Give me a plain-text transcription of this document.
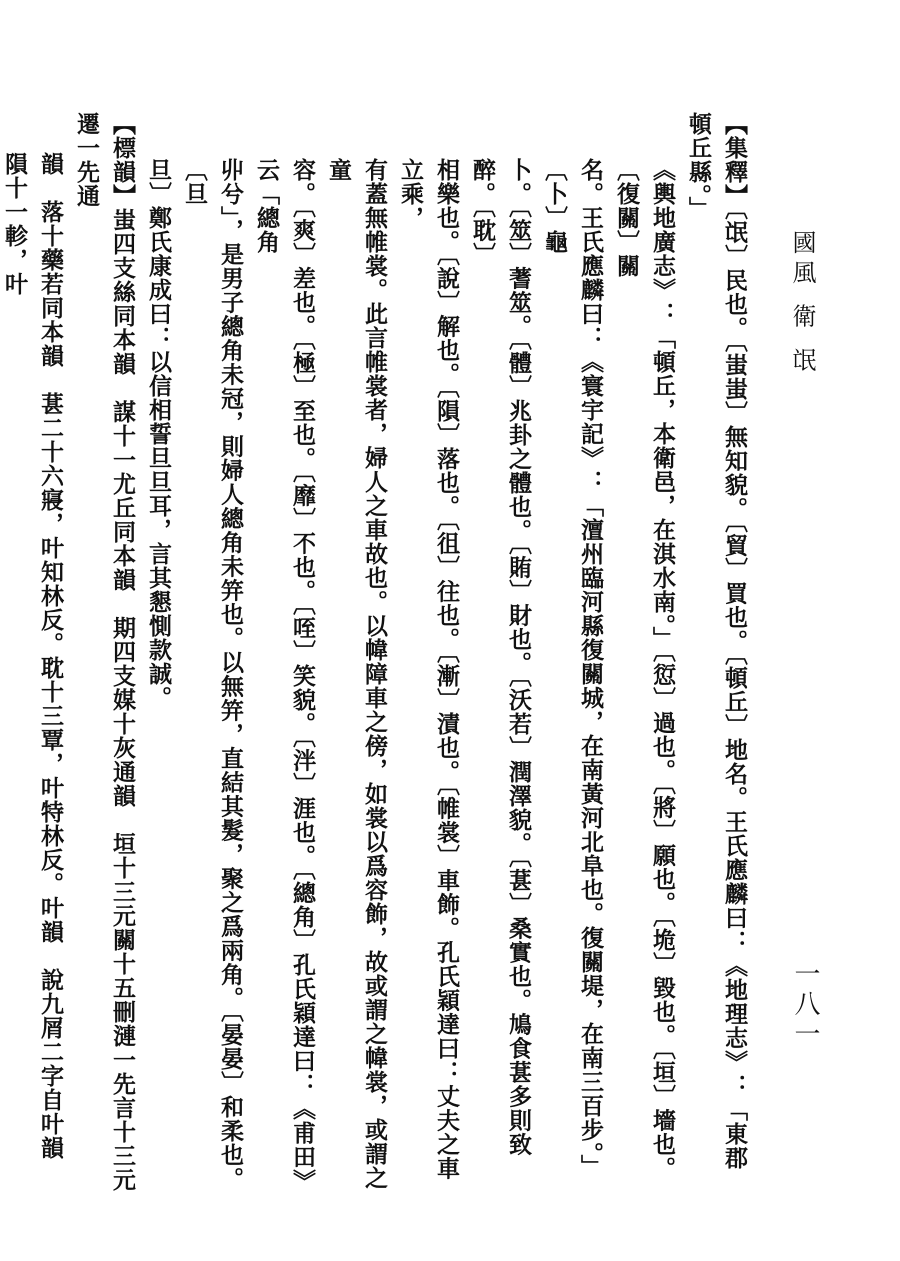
國風 衛 氓

【集釋】〔氓〕民也。〔蚩蚩〕無知貌。〔貿〕買也。〔頓丘〕地名。王氏應麟曰：《地理志》：「東郡頓丘縣。」

《輿地廣志》：「頓丘，本衛邑，在淇水南。」〔愆〕過也。〔將〕願也。〔垝〕毀也。〔垣〕墻也。〔復關〕關

名。王氏應麟曰：《寰宇記》：「澶州臨河縣復關城，在南黃河北阜也。復關堤，在南三百步。」〔卜〕龜

卜。〔筮〕蓍筮。〔體〕兆卦之體也。〔賄〕財也。〔沃若〕潤澤貌。〔葚〕桑實也。鳩食葚多則致醉。〔耽〕

相樂也。〔說〕解也。〔隕〕落也。〔徂〕往也。〔漸〕漬也。〔帷裳〕車飾。孔氏穎達曰：丈夫之車立乘，

有蓋無帷裳。此言帷裳者，婦人之車故也。以幃障車之傍，如裳以爲容飾，故或謂之幃裳，或謂之童

容。〔爽〕差也。〔極〕至也。〔靡〕不也。〔咥〕笑貌。〔泮〕涯也。〔總角〕孔氏穎達曰：《甫田》云「總角

丱兮」，是男子總角未冠，則婦人總角未笄也。以無笄，直結其髮，聚之爲兩角。〔晏晏〕和柔也。〔旦

旦〕鄭氏康成曰：以信相誓旦旦耳，言其懇惻款誠。

【標韻】蚩四支絲同本韻　謀十一尤丘同本韻　期四支媒十灰通韻　垣十三元關十五刪漣一先言十三元遷一先通

韻　落十藥若同本韻　葚二十六寢，叶知林反。耽十三覃，叶特林反。叶韻　說九屑二字自叶韻　隕十一軫，叶

一八一
